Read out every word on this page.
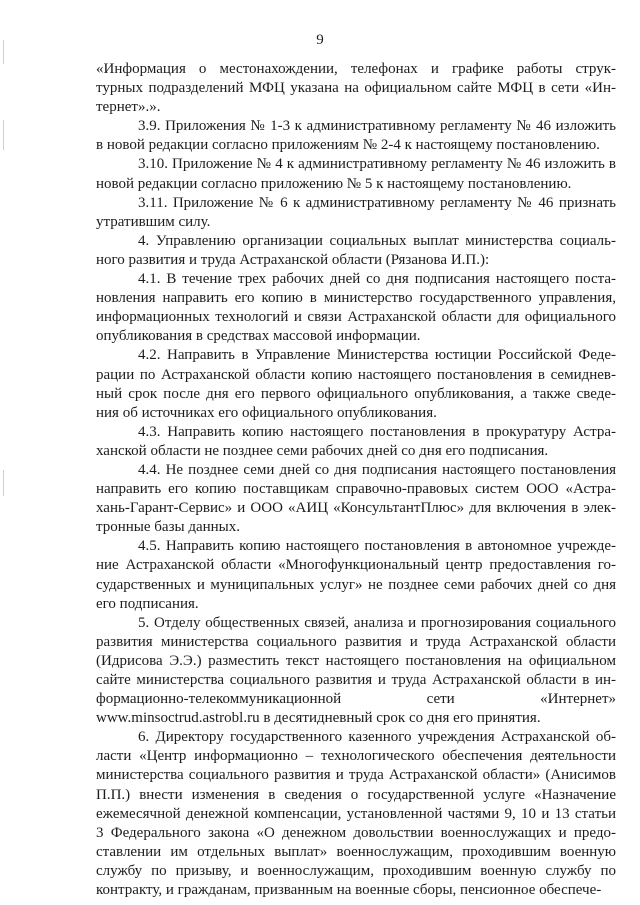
9
«Информация о местонахождении, телефонах и графике работы струк-
турных подразделений МФЦ указана на официальном сайте МФЦ в сети «Ин-
тернет».».
3.9. Приложения № 1-3 к административному регламенту № 46 изложить
в новой редакции согласно приложениям № 2-4 к настоящему постановлению.
3.10. Приложение № 4 к административному регламенту № 46 изложить в
новой редакции согласно приложению № 5 к настоящему постановлению.
3.11. Приложение № 6 к административному регламенту № 46 признать
утратившим силу.
4. Управлению организации социальных выплат министерства социаль-
ного развития и труда Астраханской области (Рязанова И.П.):
4.1. В течение трех рабочих дней со дня подписания настоящего поста-
новления направить его копию в министерство государственного управления,
информационных технологий и связи Астраханской области для официального
опубликования в средствах массовой информации.
4.2. Направить в Управление Министерства юстиции Российской Феде-
рации по Астраханской области копию настоящего постановления в семиднев-
ный срок после дня его первого официального опубликования, а также сведе-
ния об источниках его официального опубликования.
4.3. Направить копию настоящего постановления в прокуратуру Астра-
ханской области не позднее семи рабочих дней со дня его подписания.
4.4. Не позднее семи дней со дня подписания настоящего постановления
направить его копию поставщикам справочно-правовых систем ООО «Астра-
хань-Гарант-Сервис» и ООО «АИЦ «КонсультантПлюс» для включения в элек-
тронные базы данных.
4.5. Направить копию настоящего постановления в автономное учрежде-
ние Астраханской области «Многофункциональный центр предоставления го-
сударственных и муниципальных услуг» не позднее семи рабочих дней со дня
его подписания.
5. Отделу общественных связей, анализа и прогнозирования социального
развития министерства социального развития и труда Астраханской области
(Идрисова Э.Э.) разместить текст настоящего постановления на официальном
сайте министерства социального развития и труда Астраханской области в ин-
формационно-телекоммуникационной сети «Интернет»
www.minsoctrud.astrobl.ru в десятидневный срок со дня его принятия.
6. Директору государственного казенного учреждения Астраханской об-
ласти «Центр информационно – технологического обеспечения деятельности
министерства социального развития и труда Астраханской области» (Анисимов
П.П.) внести изменения в сведения о государственной услуге «Назначение
ежемесячной денежной компенсации, установленной частями 9, 10 и 13 статьи
3 Федерального закона «О денежном довольствии военнослужащих и предо-
ставлении им отдельных выплат» военнослужащим, проходившим военную
службу по призыву, и военнослужащим, проходившим военную службу по
контракту, и гражданам, призванным на военные сборы, пенсионное обеспече-
